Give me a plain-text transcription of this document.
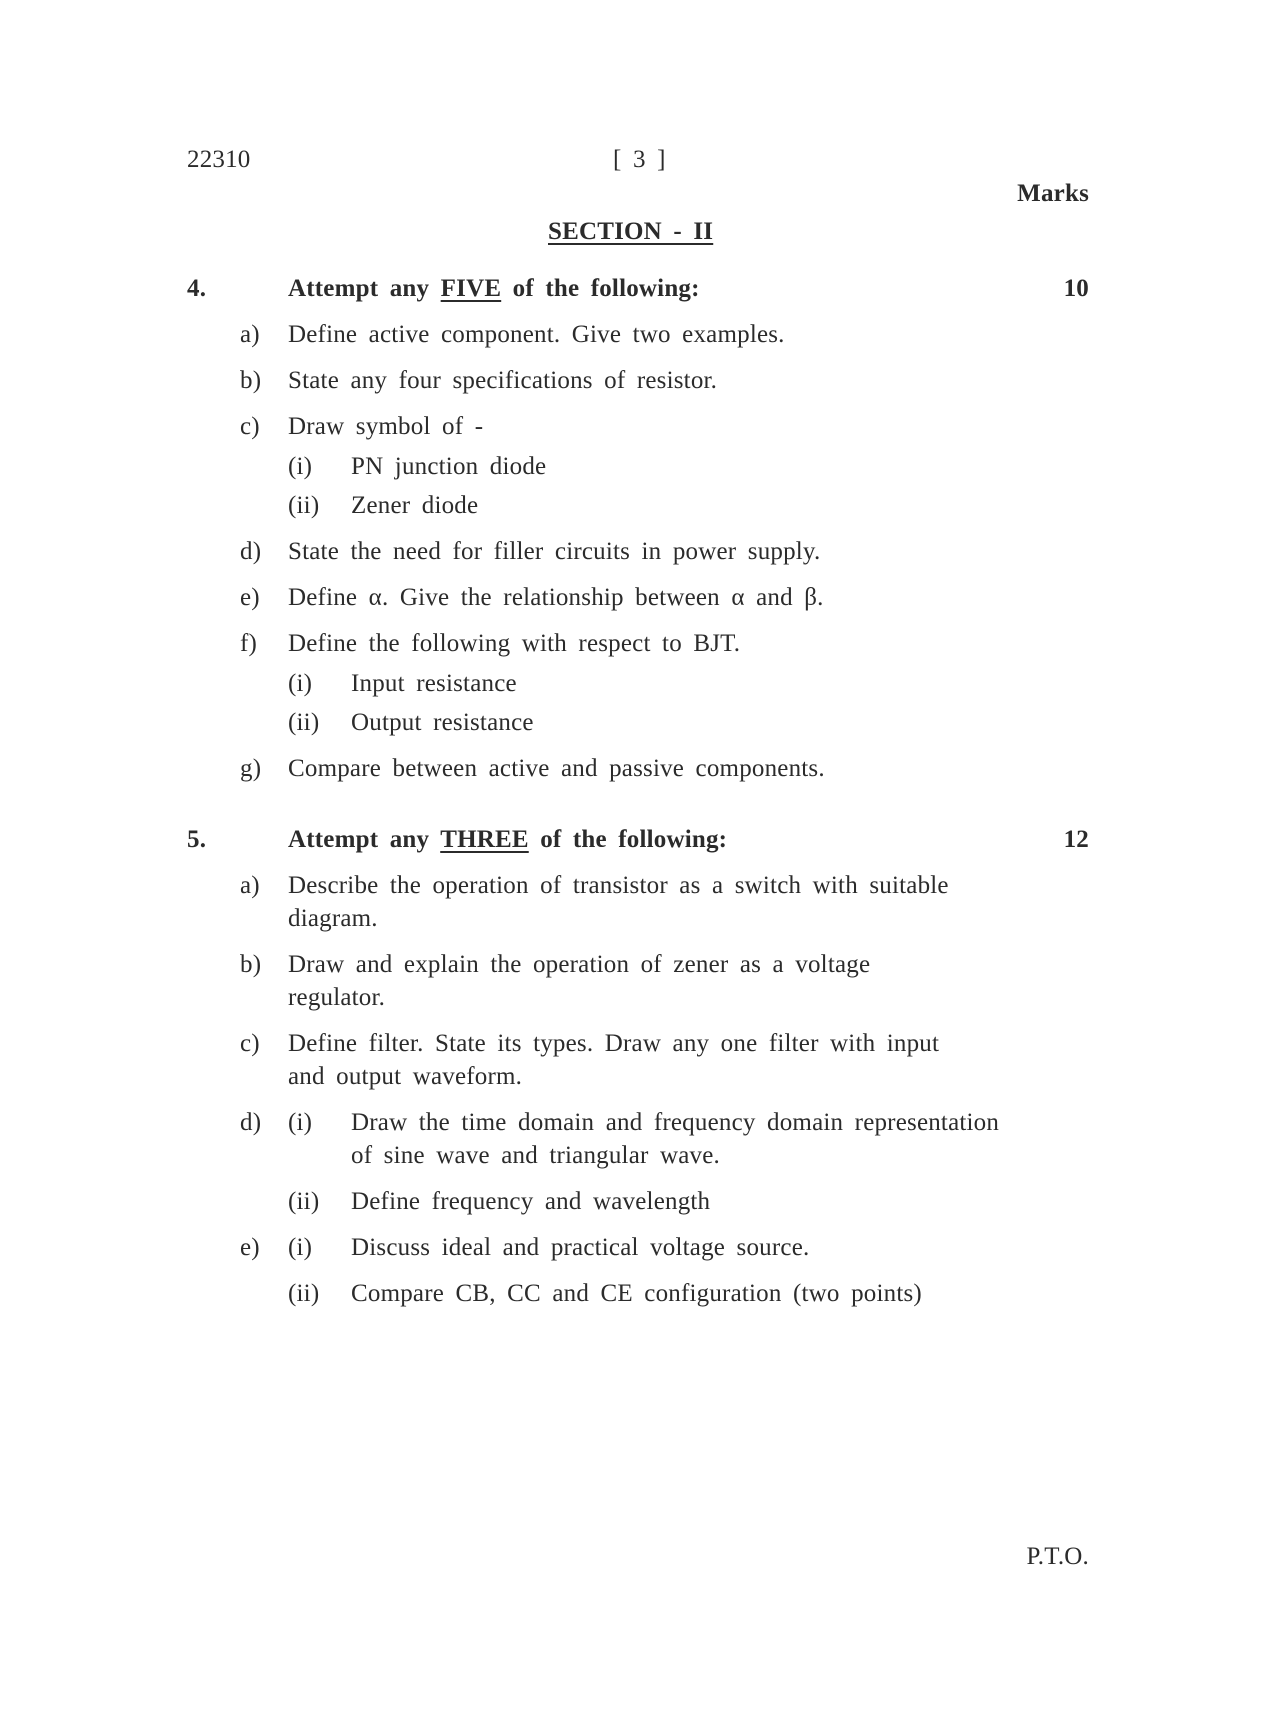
22310	[ 3 ]
Marks
SECTION - II
4.	Attempt any FIVE of the following:	10
a) Define active component. Give two examples.
b) State any four specifications of resistor.
c) Draw symbol of -
(i) PN junction diode
(ii) Zener diode
d) State the need for filler circuits in power supply.
e) Define α. Give the relationship between α and β.
f) Define the following with respect to BJT.
(i) Input resistance
(ii) Output resistance
g) Compare between active and passive components.
5.	Attempt any THREE of the following:	12
a) Describe the operation of transistor as a switch with suitable
diagram.
b) Draw and explain the operation of zener as a voltage
regulator.
c) Define filter. State its types. Draw any one filter with input
and output waveform.
d) (i) Draw the time domain and frequency domain representation
of sine wave and triangular wave.
(ii) Define frequency and wavelength
e) (i) Discuss ideal and practical voltage source.
(ii) Compare CB, CC and CE configuration (two points)
P.T.O.
